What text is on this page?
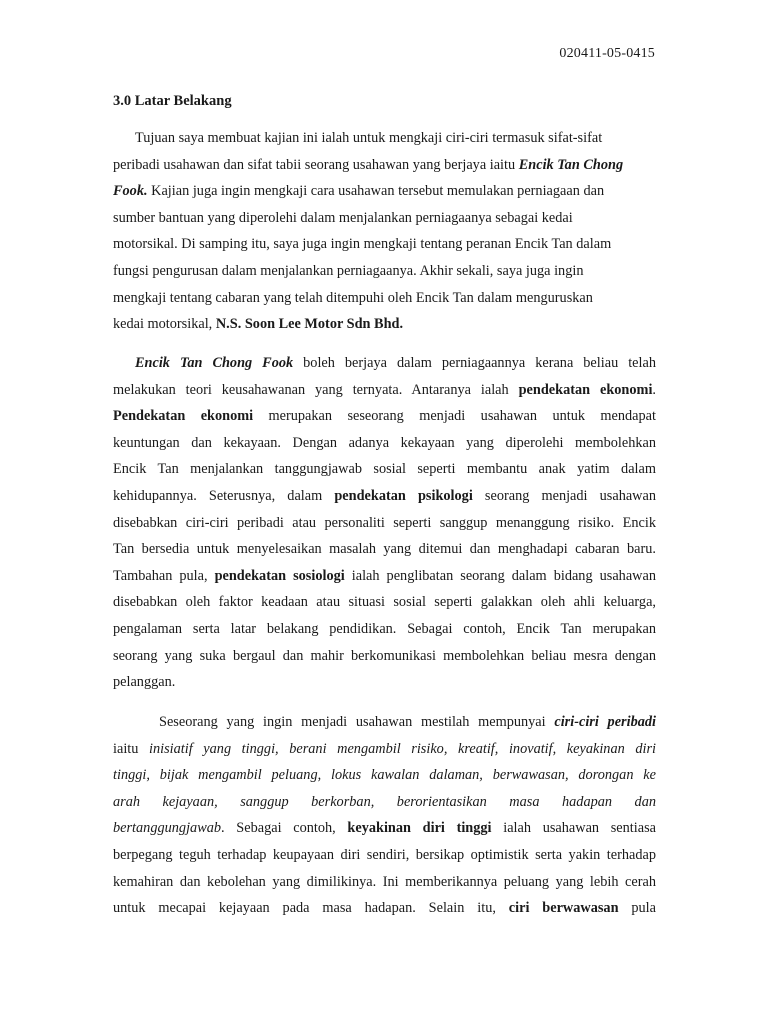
020411-05-0415
3.0 Latar Belakang
Tujuan saya membuat kajian ini ialah untuk mengkaji ciri-ciri termasuk sifat-sifat
peribadi usahawan dan sifat tabii seorang usahawan yang berjaya iaitu Encik Tan Chong
Fook. Kajian juga ingin mengkaji cara usahawan tersebut memulakan perniagaan dan
sumber bantuan yang diperolehi dalam menjalankan perniagaanya sebagai kedai
motorsikal. Di samping itu, saya juga ingin mengkaji tentang peranan Encik Tan dalam
fungsi pengurusan dalam menjalankan perniagaanya. Akhir sekali, saya juga ingin
mengkaji tentang cabaran yang telah ditempuhi oleh Encik Tan dalam menguruskan
kedai motorsikal, N.S. Soon Lee Motor Sdn Bhd.
Encik Tan Chong Fook boleh berjaya dalam perniagaannya kerana beliau telah
melakukan teori keusahawanan yang ternyata. Antaranya ialah pendekatan ekonomi.
Pendekatan ekonomi merupakan seseorang menjadi usahawan untuk mendapat
keuntungan dan kekayaan. Dengan adanya kekayaan yang diperolehi membolehkan
Encik Tan menjalankan tanggungjawab sosial seperti membantu anak yatim dalam
kehidupannya. Seterusnya, dalam pendekatan psikologi seorang menjadi usahawan
disebabkan ciri-ciri peribadi atau personaliti seperti sanggup menanggung risiko. Encik
Tan bersedia untuk menyelesaikan masalah yang ditemui dan menghadapi cabaran baru.
Tambahan pula, pendekatan sosiologi ialah penglibatan seorang dalam bidang usahawan
disebabkan oleh faktor keadaan atau situasi sosial seperti galakkan oleh ahli keluarga,
pengalaman serta latar belakang pendidikan. Sebagai contoh, Encik Tan merupakan
seorang yang suka bergaul dan mahir berkomunikasi membolehkan beliau mesra dengan
pelanggan.
Seseorang yang ingin menjadi usahawan mestilah mempunyai ciri-ciri peribadi
iaitu inisiatif yang tinggi, berani mengambil risiko, kreatif, inovatif, keyakinan diri
tinggi, bijak mengambil peluang, lokus kawalan dalaman, berwawasan, dorongan ke
arah kejayaan, sanggup berkorban, berorientasikan masa hadapan dan
bertanggungjawab. Sebagai contoh, keyakinan diri tinggi ialah usahawan sentiasa
berpegang teguh terhadap keupayaan diri sendiri, bersikap optimistik serta yakin terhadap
kemahiran dan kebolehan yang dimilikinya. Ini memberikannya peluang yang lebih cerah
untuk mecapai kejayaan pada masa hadapan. Selain itu, ciri berwawasan pula
